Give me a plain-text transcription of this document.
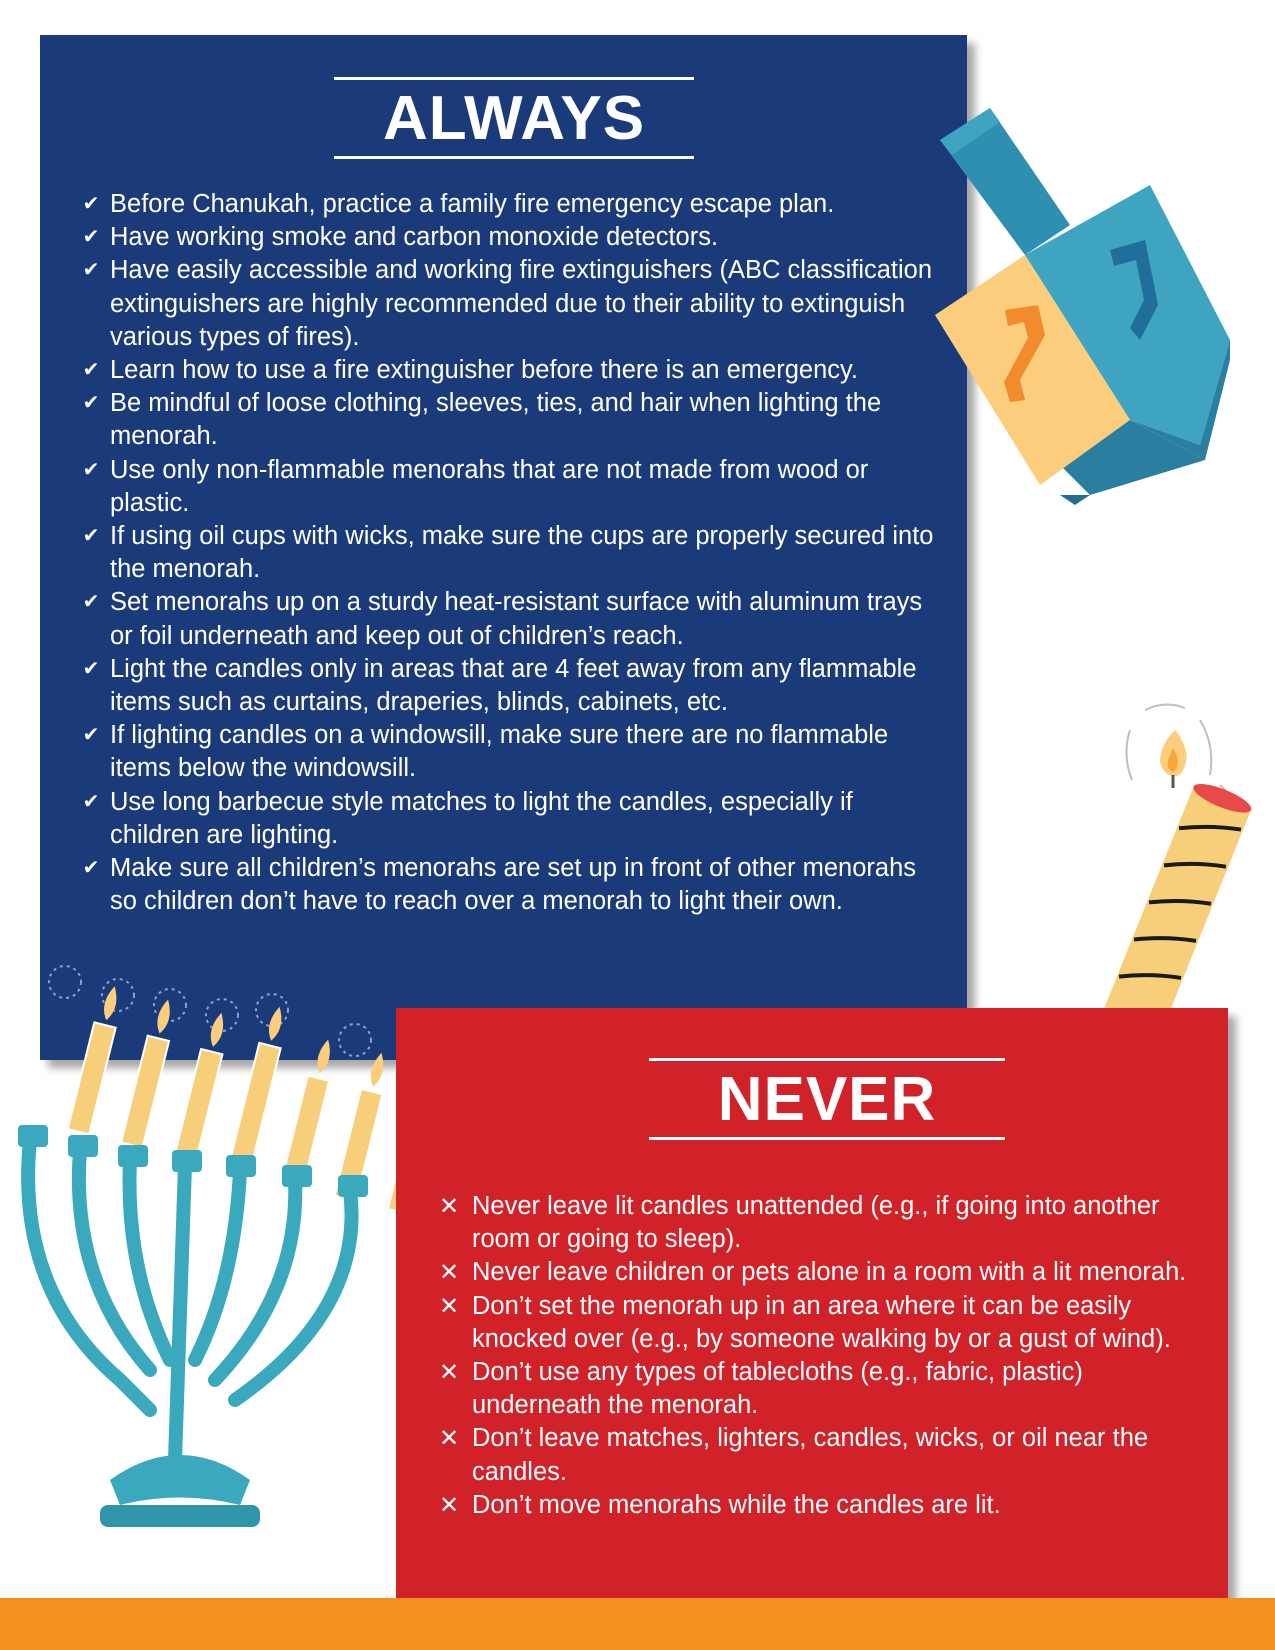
ALWAYS
✔ Before Chanukah, practice a family fire emergency escape plan.
✔ Have working smoke and carbon monoxide detectors.
✔ Have easily accessible and working fire extinguishers (ABC classification extinguishers are highly recommended due to their ability to extinguish various types of fires).
✔ Learn how to use a fire extinguisher before there is an emergency.
✔ Be mindful of loose clothing, sleeves, ties, and hair when lighting the menorah.
✔ Use only non-flammable menorahs that are not made from wood or plastic.
✔ If using oil cups with wicks, make sure the cups are properly secured into the menorah.
✔ Set menorahs up on a sturdy heat-resistant surface with aluminum trays or foil underneath and keep out of children’s reach.
✔ Light the candles only in areas that are 4 feet away from any flammable items such as curtains, draperies, blinds, cabinets, etc.
✔ If lighting candles on a windowsill, make sure there are no flammable items below the windowsill.
✔ Use long barbecue style matches to light the candles, especially if children are lighting.
✔ Make sure all children’s menorahs are set up in front of other menorahs so children don’t have to reach over a menorah to light their own.
NEVER
✕ Never leave lit candles unattended (e.g., if going into another room or going to sleep).
✕ Never leave children or pets alone in a room with a lit menorah.
✕ Don’t set the menorah up in an area where it can be easily knocked over (e.g., by someone walking by or a gust of wind).
✕ Don’t use any types of tablecloths (e.g., fabric, plastic) underneath the menorah.
✕ Don’t leave matches, lighters, candles, wicks, or oil near the candles.
✕ Don’t move menorahs while the candles are lit.
